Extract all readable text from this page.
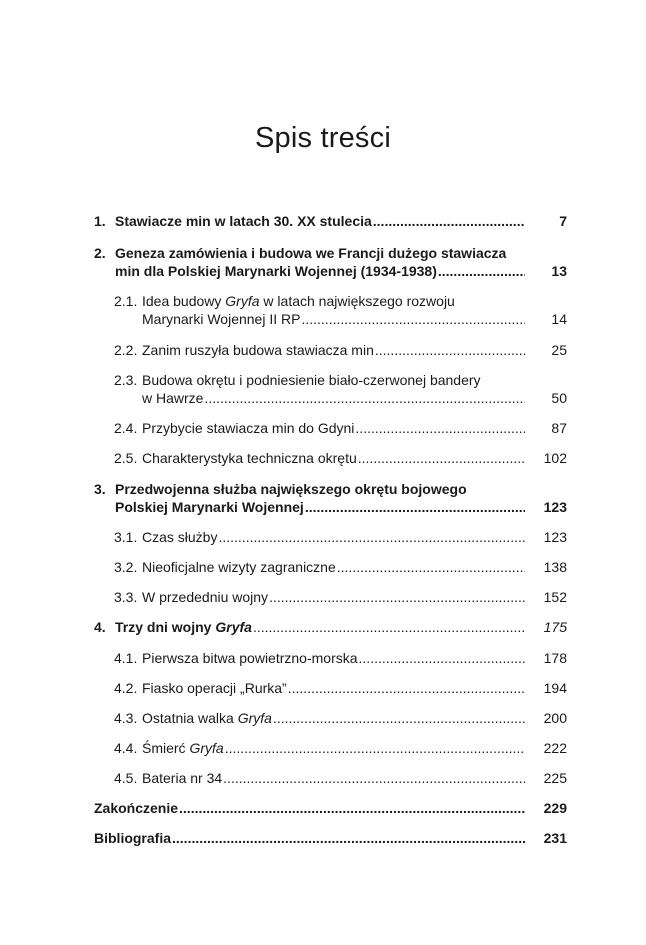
Spis treści
1. Stawiacze min w latach 30. XX stulecia .....	7
2. Geneza zamówienia i budowa we Francji dużego stawiacza
min dla Polskiej Marynarki Wojennej (1934-1938) .....	13
2.1. Idea budowy Gryfa w latach największego rozwoju
Marynarki Wojennej II RP .....	14
2.2. Zanim ruszyła budowa stawiacza min .....	25
2.3. Budowa okrętu i podniesienie biało-czerwonej bandery
w Hawrze .....	50
2.4. Przybycie stawiacza min do Gdyni .....	87
2.5. Charakterystyka techniczna okrętu .....	102
3. Przedwojenna służba największego okrętu bojowego
Polskiej Marynarki Wojennej .....	123
3.1. Czas służby .....	123
3.2. Nieoficjalne wizyty zagraniczne .....	138
3.3. W przededniu wojny .....	152
4. Trzy dni wojny Gryfa .....	175
4.1. Pierwsza bitwa powietrzno-morska .....	178
4.2. Fiasko operacji „Rurka” .....	194
4.3. Ostatnia walka Gryfa .....	200
4.4. Śmierć Gryfa .....	222
4.5. Bateria nr 34 .....	225
Zakończenie .....	229
Bibliografia .....	231
